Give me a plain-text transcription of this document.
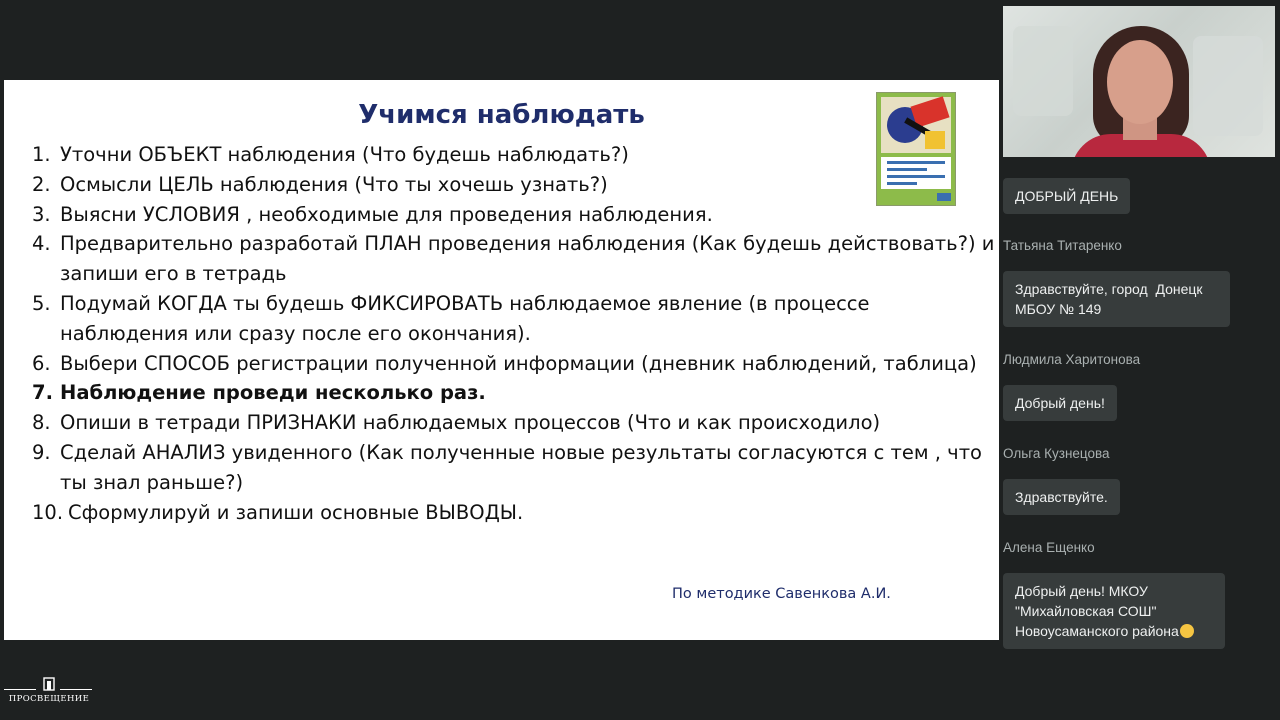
Учимся наблюдать
1. Уточни ОБЪЕКТ наблюдения (Что будешь наблюдать?)
2. Осмысли ЦЕЛЬ наблюдения (Что ты хочешь узнать?)
3. Выясни УСЛОВИЯ , необходимые для проведения наблюдения.
4. Предварительно разработай ПЛАН проведения наблюдения (Как будешь действовать?) и запиши его в тетрадь
5. Подумай КОГДА ты будешь ФИКСИРОВАТЬ наблюдаемое явление (в процессе наблюдения или сразу после его окончания).
6. Выбери СПОСОБ регистрации полученной информации (дневник наблюдений, таблица)
7. Наблюдение проведи несколько раз.
8. Опиши в тетради ПРИЗНАКИ наблюдаемых процессов (Что и как происходило)
9. Сделай АНАЛИЗ увиденного (Как полученные новые результаты согласуются с тем , что ты знал раньше?)
10. Сформулируй и запиши основные ВЫВОДЫ.
По методике Савенкова А.И.
ДОБРЫЙ ДЕНЬ
Татьяна Титаренко
Здравствуйте, город  Донецк
МБОУ № 149
Людмила Харитонова
Добрый день!
Ольга Кузнецова
Здравствуйте.
Алена Ещенко
Добрый день! МКОУ
"Михайловская СОШ"
Новоусаманского района
ПРОСВЕЩЕНИЕ
